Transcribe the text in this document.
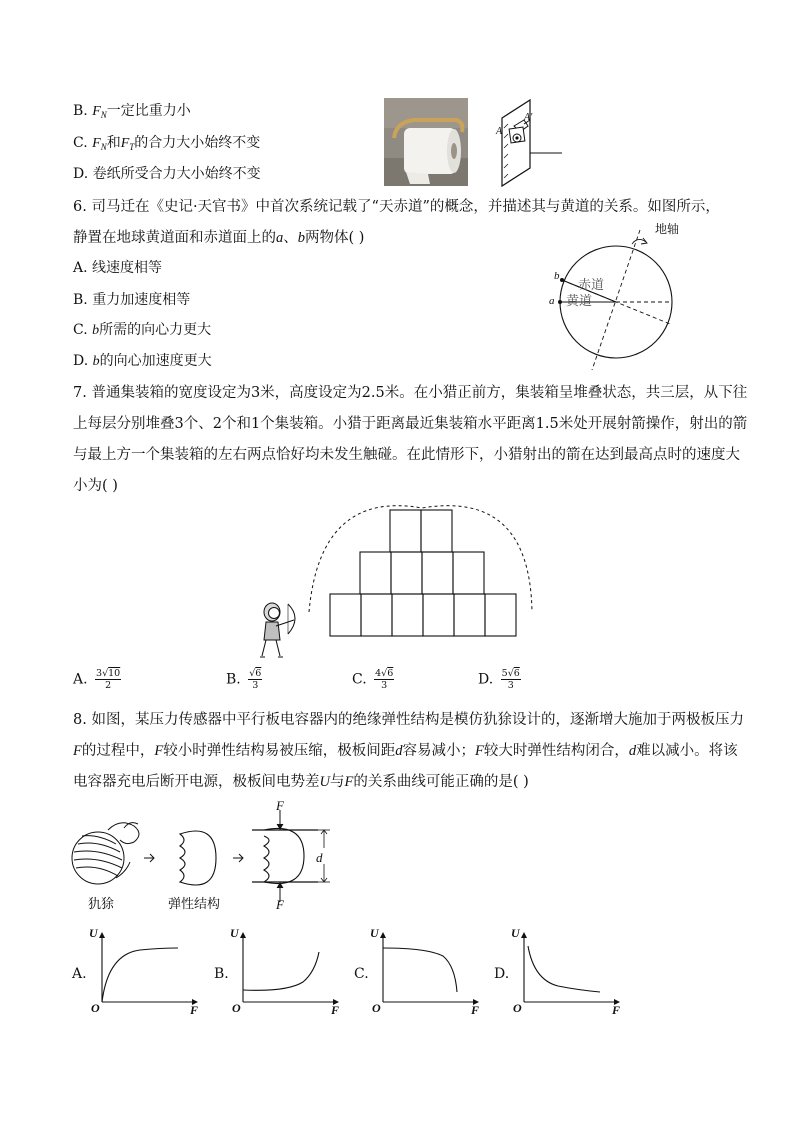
B. $F_N$一定比重力小
C. $F_N$和$F_T$的合力大小始终不变
D. 卷纸所受合力大小始终不变
A
A′
6. 司马迁在《史记·天官书》中首次系统记载了“天赤道”的概念，并描述其与黄道的关系。如图所示，
静置在地球黄道面和赤道面上的a、b两物体( )
A. 线速度相等
B. 重力加速度相等
C. b所需的向心力更大
D. b的向心加速度更大
地轴
赤道
黄道
b
a
7. 普通集装箱的宽度设定为3米，高度设定为2.5米。在小猎正前方，集装箱呈堆叠状态，共三层，从下往
上每层分别堆叠3个、2个和1个集装箱。小猎于距离最近集装箱水平距离1.5米处开展射箭操作，射出的箭
与最上方一个集装箱的左右两点恰好均未发生触碰。在此情形下，小猎射出的箭在达到最高点时的速度大
小为( )
A. $\frac{3√10}{2}$	B. $\frac{√6}{3}$	C. $\frac{4√6}{3}$	D. $\frac{5√6}{3}$
8. 如图，某压力传感器中平行板电容器内的绝缘弹性结构是模仿犰狳设计的，逐渐增大施加于两极板压力
F的过程中，F较小时弹性结构易被压缩，极板间距d容易减小；F较大时弹性结构闭合，d难以减小。将该
电容器充电后断开电源，极板间电势差U与F的关系曲线可能正确的是( )
F
F
d
犰狳	弹性结构
A.
U
F
O
B.
U
F
O
C.
U
F
O
D.
U
F
O
